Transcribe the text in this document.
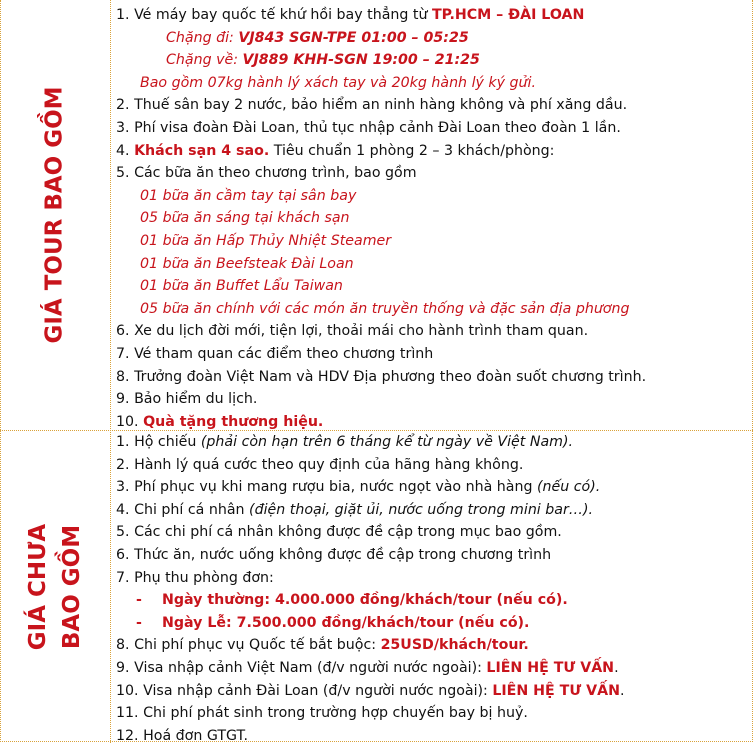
GIÁ TOUR BAO GỒM
1. Vé máy bay quốc tế khứ hồi bay thẳng từ TP.HCM – ĐÀI LOAN
Chặng đi: VJ843 SGN-TPE 01:00 – 05:25
Chặng về: VJ889 KHH-SGN 19:00 – 21:25
Bao gồm 07kg hành lý xách tay và 20kg hành lý ký gửi.
2. Thuế sân bay 2 nước, bảo hiểm an ninh hàng không và phí xăng dầu.
3. Phí visa đoàn Đài Loan, thủ tục nhập cảnh Đài Loan theo đoàn 1 lần.
4. Khách sạn 4 sao. Tiêu chuẩn 1 phòng 2 – 3 khách/phòng:
5. Các bữa ăn theo chương trình, bao gồm
01 bữa ăn cầm tay tại sân bay
05 bữa ăn sáng tại khách sạn
01 bữa ăn Hấp Thủy Nhiệt Steamer
01 bữa ăn Beefsteak Đài Loan
01 bữa ăn Buffet Lẩu Taiwan
05 bữa ăn chính với các món ăn truyền thống và đặc sản địa phương
6. Xe du lịch đời mới, tiện lợi, thoải mái cho hành trình tham quan.
7. Vé tham quan các điểm theo chương trình
8. Trưởng đoàn Việt Nam và HDV Địa phương theo đoàn suốt chương trình.
9. Bảo hiểm du lịch.
10. Quà tặng thương hiệu.
GIÁ CHƯA BAO GỒM
1. Hộ chiếu (phải còn hạn trên 6 tháng kể từ ngày về Việt Nam).
2. Hành lý quá cước theo quy định của hãng hàng không.
3. Phí phục vụ khi mang rượu bia, nước ngọt vào nhà hàng (nếu có).
4. Chi phí cá nhân (điện thoại, giặt ủi, nước uống trong mini bar…).
5. Các chi phí cá nhân không được đề cập trong mục bao gồm.
6. Thức ăn, nước uống không được đề cập trong chương trình
7. Phụ thu phòng đơn:
- Ngày thường: 4.000.000 đồng/khách/tour (nếu có).
- Ngày Lễ: 7.500.000 đồng/khách/tour (nếu có).
8. Chi phí phục vụ Quốc tế bắt buộc: 25USD/khách/tour.
9. Visa nhập cảnh Việt Nam (đ/v người nước ngoài): LIÊN HỆ TƯ VẤN.
10. Visa nhập cảnh Đài Loan (đ/v người nước ngoài): LIÊN HỆ TƯ VẤN.
11. Chi phí phát sinh trong trường hợp chuyến bay bị huỷ.
12. Hoá đơn GTGT.
